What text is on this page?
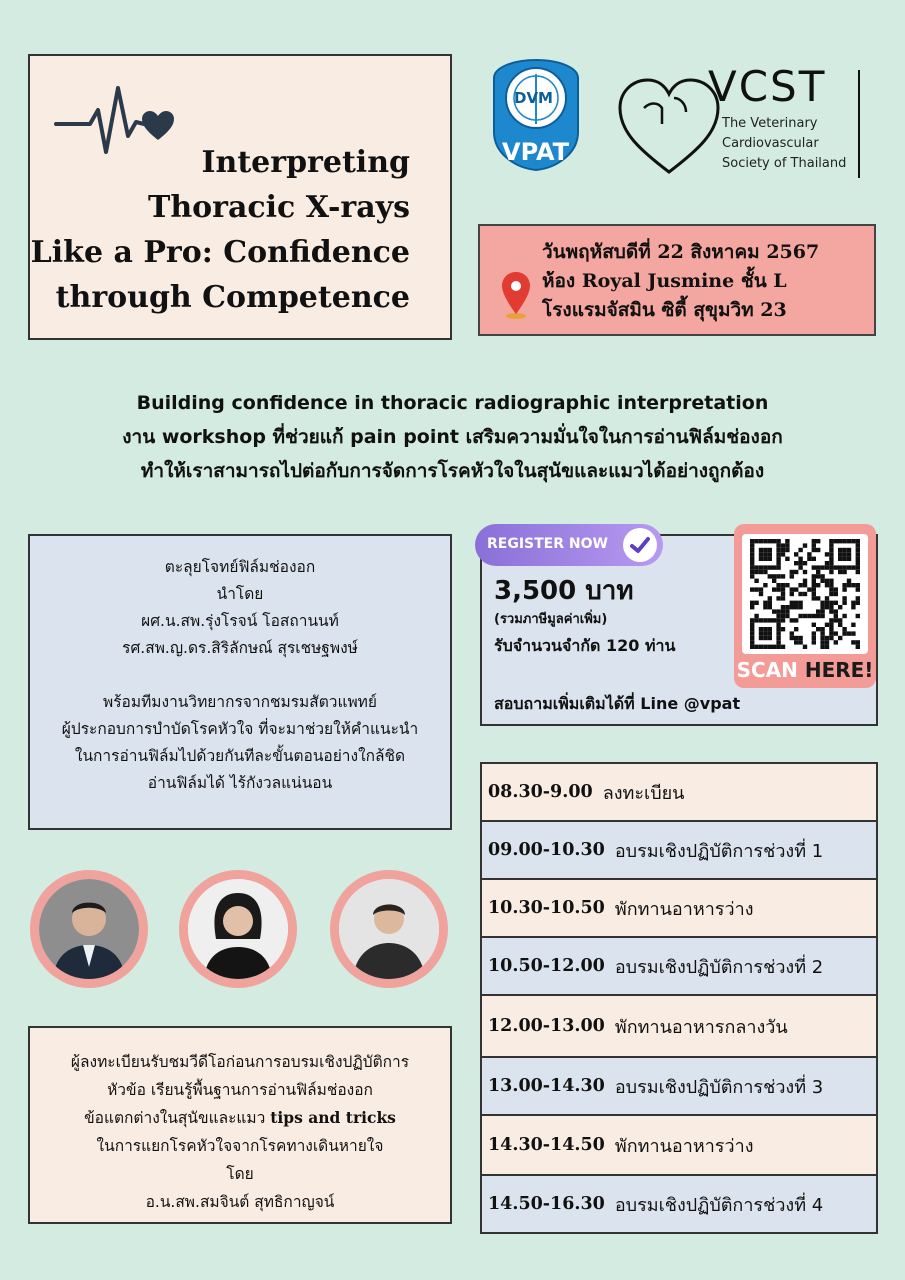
Interpreting
Thoracic X-rays
Like a Pro: Confidence
through Competence
DVM
VPAT
VCST
The Veterinary
Cardiovascular
Society of Thailand
วันพฤหัสบดีที่ 22 สิงหาคม 2567
ห้อง Royal Jusmine ชั้น L
โรงแรมจัสมิน ซิตี้ สุขุมวิท 23
Building confidence in thoracic radiographic interpretation
งาน workshop ที่ช่วยแก้ pain point เสริมความมั่นใจในการอ่านฟิล์มช่องอก
ทำให้เราสามารถไปต่อกับการจัดการโรคหัวใจในสุนัขและแมวได้อย่างถูกต้อง
ตะลุยโจทย์ฟิล์มช่องอก
นำโดย
ผศ.น.สพ.รุ่งโรจน์ โอสถานนท์
รศ.สพ.ญ.ดร.สิริลักษณ์ สุรเชษฐพงษ์
พร้อมทีมงานวิทยากรจากชมรมสัตวแพทย์
ผู้ประกอบการบำบัดโรคหัวใจ ที่จะมาช่วยให้คำแนะนำ
ในการอ่านฟิล์มไปด้วยกันทีละขั้นตอนอย่างใกล้ชิด
อ่านฟิล์มได้ ไร้กังวลแน่นอน
REGISTER NOW
3,500 บาท
(รวมภาษีมูลค่าเพิ่ม)
รับจำนวนจำกัด 120 ท่าน
สอบถามเพิ่มเติมได้ที่ Line @vpat
SCAN HERE!
08.30-9.00 ลงทะเบียน
09.00-10.30 อบรมเชิงปฏิบัติการช่วงที่ 1
10.30-10.50 พักทานอาหารว่าง
10.50-12.00 อบรมเชิงปฏิบัติการช่วงที่ 2
12.00-13.00 พักทานอาหารกลางวัน
13.00-14.30 อบรมเชิงปฏิบัติการช่วงที่ 3
14.30-14.50 พักทานอาหารว่าง
14.50-16.30 อบรมเชิงปฏิบัติการช่วงที่ 4
ผู้ลงทะเบียนรับชมวีดีโอก่อนการอบรมเชิงปฏิบัติการ
หัวข้อ เรียนรู้พื้นฐานการอ่านฟิล์มช่องอก
ข้อแตกต่างในสุนัขและแมว tips and tricks
ในการแยกโรคหัวใจจากโรคทางเดินหายใจ
โดย
อ.น.สพ.สมจินต์ สุทธิกาญจน์
